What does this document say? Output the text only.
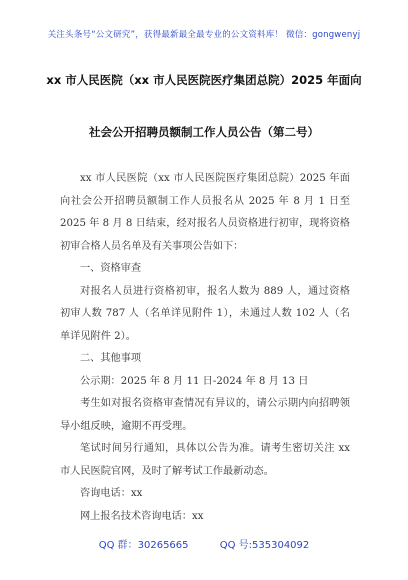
关注头条号“公文研究”，获得最新最全最专业的公文资料库！ 微信：gongwenyj
xx 市人民医院（xx 市人民医院医疗集团总院）2025 年面向
社会公开招聘员额制工作人员公告（第二号）

xx 市人民医院（xx 市人民医院医疗集团总院）2025 年面向社会公开招聘员额制工作人员报名从 2025 年 8 月 1 日至 2025 年 8 月 8 日结束，经对报名人员资格进行初审，现将资格初审合格人员名单及有关事项公告如下：

一、资格审查

对报名人员进行资格初审，报名人数为 889 人，通过资格初审人数 787 人（名单详见附件 1），未通过人数 102 人（名单详见附件 2）。

二、其他事项

公示期：2025 年 8 月 11 日-2024 年 8 月 13 日

考生如对报名资格审查情况有异议的，请公示期内向招聘领导小组反映，逾期不再受理。

笔试时间另行通知，具体以公告为准。请考生密切关注 xx 市人民医院官网，及时了解考试工作最新动态。

咨询电话：xx

网上报名技术咨询电话：xx

QQ 群：30265665	QQ 号:535304092
